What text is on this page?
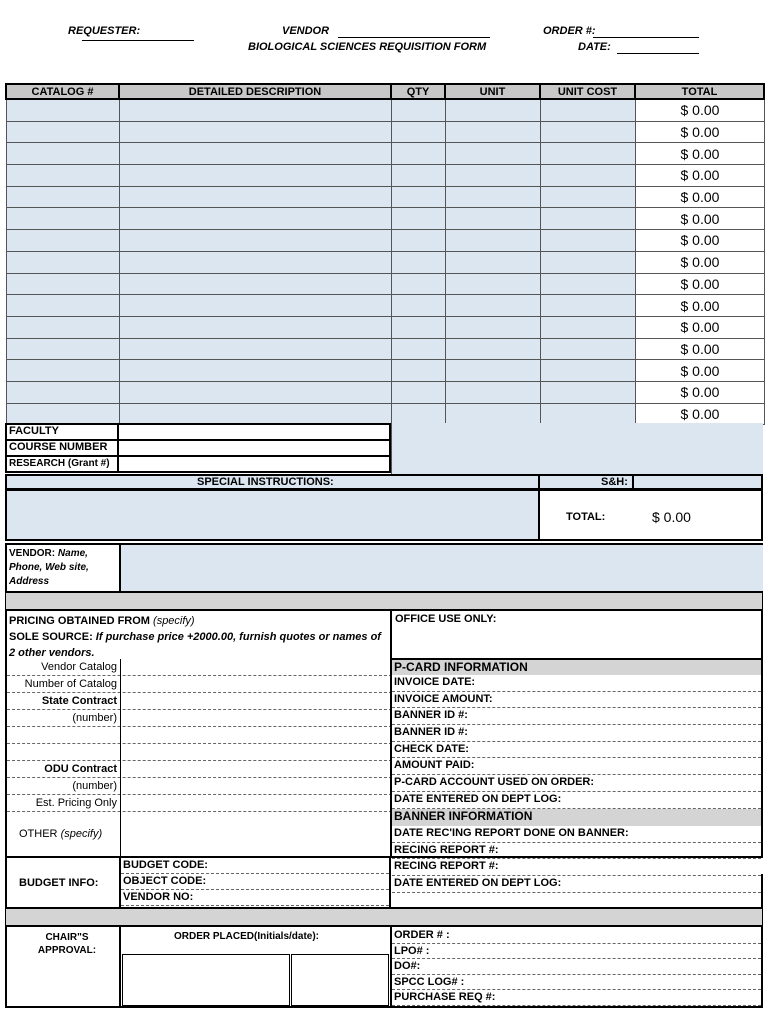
REQUESTER:	VENDOR	ORDER #:
BIOLOGICAL SCIENCES REQUISITION FORM	DATE:
CATALOG #	DETAILED DESCRIPTION	QTY	UNIT	UNIT COST	TOTAL
					$ 0.00
					$ 0.00
					$ 0.00
					$ 0.00
					$ 0.00
					$ 0.00
					$ 0.00
					$ 0.00
					$ 0.00
					$ 0.00
					$ 0.00
					$ 0.00
					$ 0.00
					$ 0.00
					$ 0.00
FACULTY
COURSE NUMBER
RESEARCH (Grant #)
SPECIAL INSTRUCTIONS:	S&H:
TOTAL:	$ 0.00
VENDOR: Name, Phone, Web site, Address
PRICING OBTAINED FROM (specify)
SOLE SOURCE: If purchase price +2000.00, furnish quotes or names of 2 other vendors.
Vendor Catalog
Number of Catalog
State Contract
(number)
ODU Contract
(number)
Est. Pricing Only
OTHER (specify)
OFFICE USE ONLY:
P-CARD INFORMATION
INVOICE DATE:
INVOICE AMOUNT:
BANNER ID #:
BANNER ID #:
CHECK DATE:
AMOUNT PAID:
P-CARD ACCOUNT USED ON ORDER:
DATE ENTERED ON DEPT LOG:
BANNER INFORMATION
DATE REC'ING REPORT DONE ON BANNER:
RECING REPORT #:
RECING REPORT #:
DATE ENTERED ON DEPT LOG:
BUDGET INFO:
BUDGET CODE:
OBJECT CODE:
VENDOR NO:
CHAIR"S APPROVAL:
ORDER PLACED(Initials/date):	ORDER # :
LPO# :
DO#:
SPCC LOG# :
PURCHASE REQ #:
